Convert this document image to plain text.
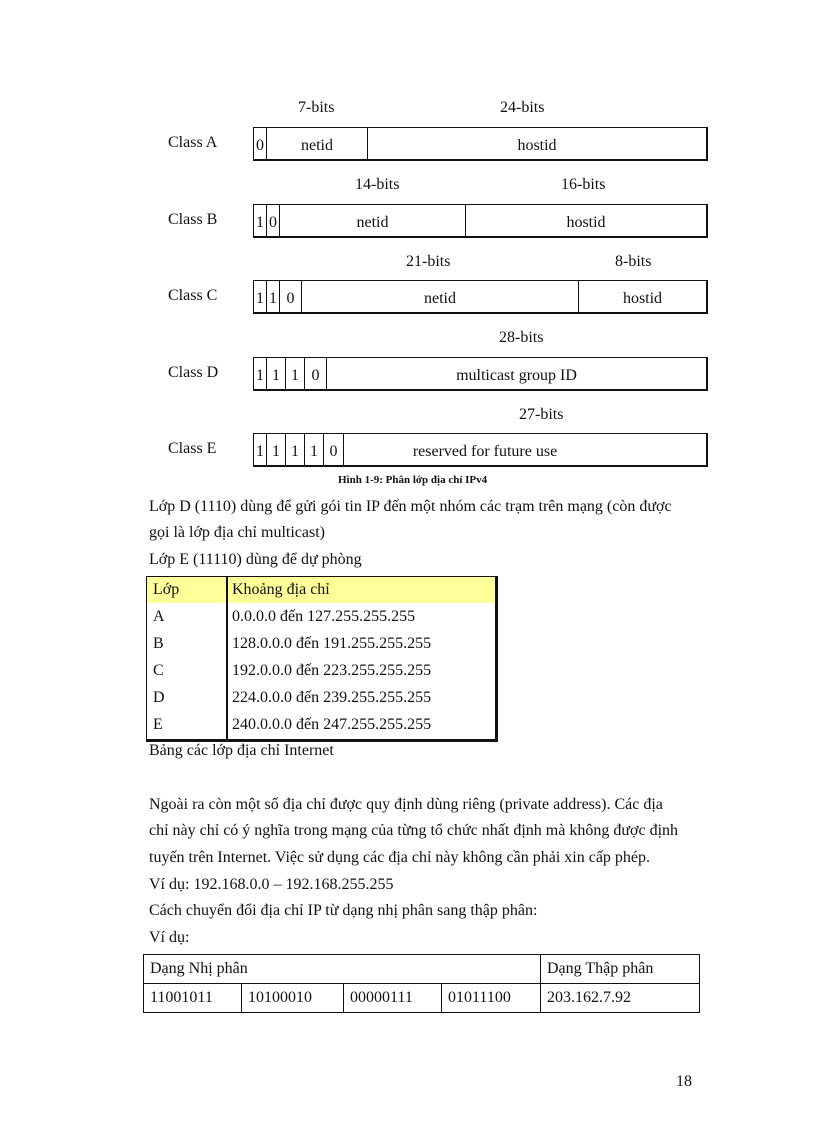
7-bits	24-bits
Class A 0	netid	hostid
14-bits	16-bits
Class B 1 0	netid	hostid
21-bits	8-bits
Class C 1 1 0	netid	hostid
28-bits
Class D 1 1 1 0	multicast group ID
27-bits
Class E 1 1 1 1 0	reserved for future use
Hình 1-9: Phân lớp địa chỉ IPv4
Lớp D (1110) dùng để gửi gói tin IP đến một nhóm các trạm trên mạng (còn được
gọi là lớp địa chỉ multicast)
Lớp E (11110) dùng để dự phòng
Lớp	Khoảng địa chỉ
A	0.0.0.0 đến 127.255.255.255
B	128.0.0.0 đến 191.255.255.255
C	192.0.0.0 đến 223.255.255.255
D	224.0.0.0 đến 239.255.255.255
E	240.0.0.0 đến 247.255.255.255
Bảng các lớp địa chỉ Internet
Ngoài ra còn một số địa chỉ được quy định dùng riêng (private address). Các địa
chỉ này chỉ có ý nghĩa trong mạng của từng tổ chức nhất định mà không được định
tuyến trên Internet. Việc sử dụng các địa chỉ này không cần phải xin cấp phép.
Ví dụ: 192.168.0.0 – 192.168.255.255
Cách chuyển đổi địa chỉ IP từ dạng nhị phân sang thập phân:
Ví dụ:
Dạng Nhị phân				Dạng Thập phân
11001011	10100010	00000111	01011100	203.162.7.92
18
